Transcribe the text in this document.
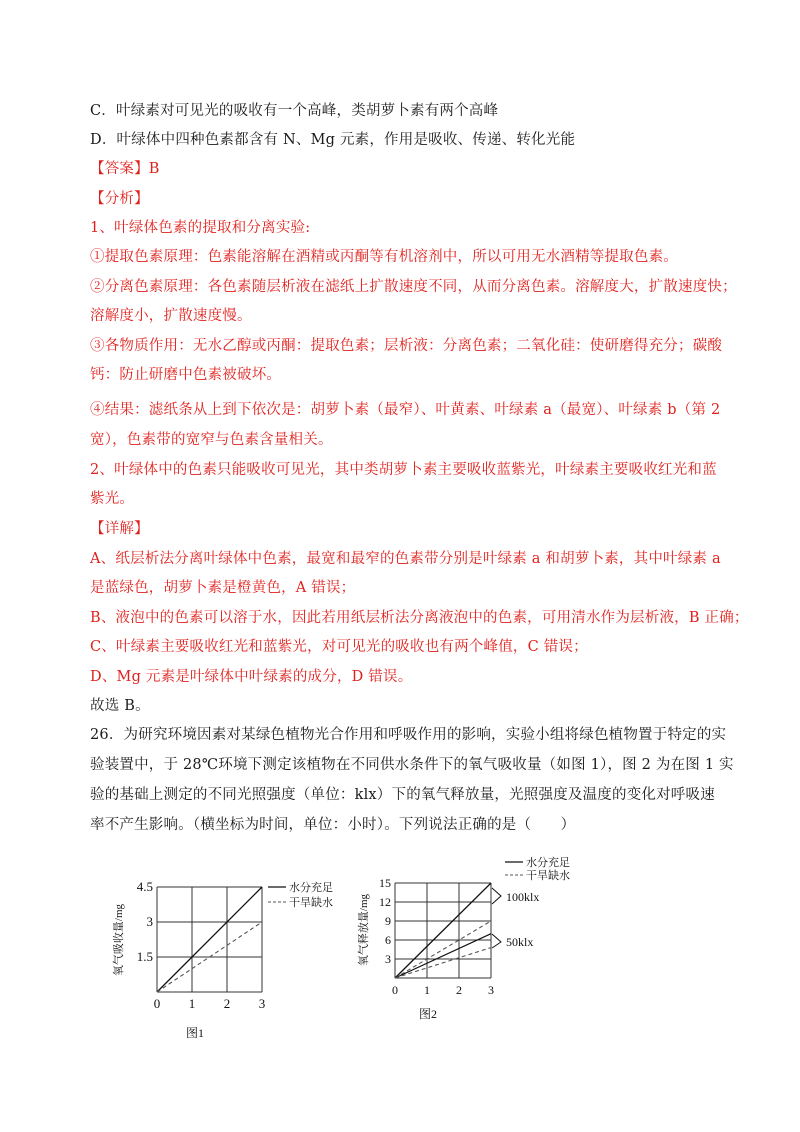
C．叶绿素对可见光的吸收有一个高峰，类胡萝卜素有两个高峰
D．叶绿体中四种色素都含有 N、Mg 元素，作用是吸收、传递、转化光能
【答案】B
【分析】
1、叶绿体色素的提取和分离实验:
①提取色素原理：色素能溶解在酒精或丙酮等有机溶剂中，所以可用无水酒精等提取色素。
②分离色素原理：各色素随层析液在滤纸上扩散速度不同，从而分离色素。溶解度大，扩散速度快；
溶解度小，扩散速度慢。
③各物质作用：无水乙醇或丙酮：提取色素；层析液：分离色素；二氧化硅：使研磨得充分；碳酸
钙：防止研磨中色素被破坏。
④结果：滤纸条从上到下依次是：胡萝卜素（最窄）、叶黄素、叶绿素 a（最宽）、叶绿素 b（第 2
宽），色素带的宽窄与色素含量相关。
2、叶绿体中的色素只能吸收可见光，其中类胡萝卜素主要吸收蓝紫光，叶绿素主要吸收红光和蓝
紫光。
【详解】
A、纸层析法分离叶绿体中色素，最宽和最窄的色素带分别是叶绿素 a 和胡萝卜素，其中叶绿素 a
是蓝绿色，胡萝卜素是橙黄色，A 错误；
B、液泡中的色素可以溶于水，因此若用纸层析法分离液泡中的色素，可用清水作为层析液，B 正确；
C、叶绿素主要吸收红光和蓝紫光，对可见光的吸收也有两个峰值，C 错误；
D、Mg 元素是叶绿体中叶绿素的成分，D 错误。
故选 B。
26．为研究环境因素对某绿色植物光合作用和呼吸作用的影响，实验小组将绿色植物置于特定的实
验装置中，于 28℃环境下测定该植物在不同供水条件下的氧气吸收量（如图 1），图 2 为在图 1 实
验的基础上测定的不同光照强度（单位：klx）下的氧气释放量，光照强度及温度的变化对呼吸速
率不产生影响。（横坐标为时间，单位：小时）。下列说法正确的是（　　）
0 1 2 3
1.5
3
4.5
氧气吸收量/mg
水分充足
干旱缺水
图1
0 1 2 3
3
6
9
12
15
氧气释放量/mg
水分充足
干旱缺水
100klx
50klx
图2
